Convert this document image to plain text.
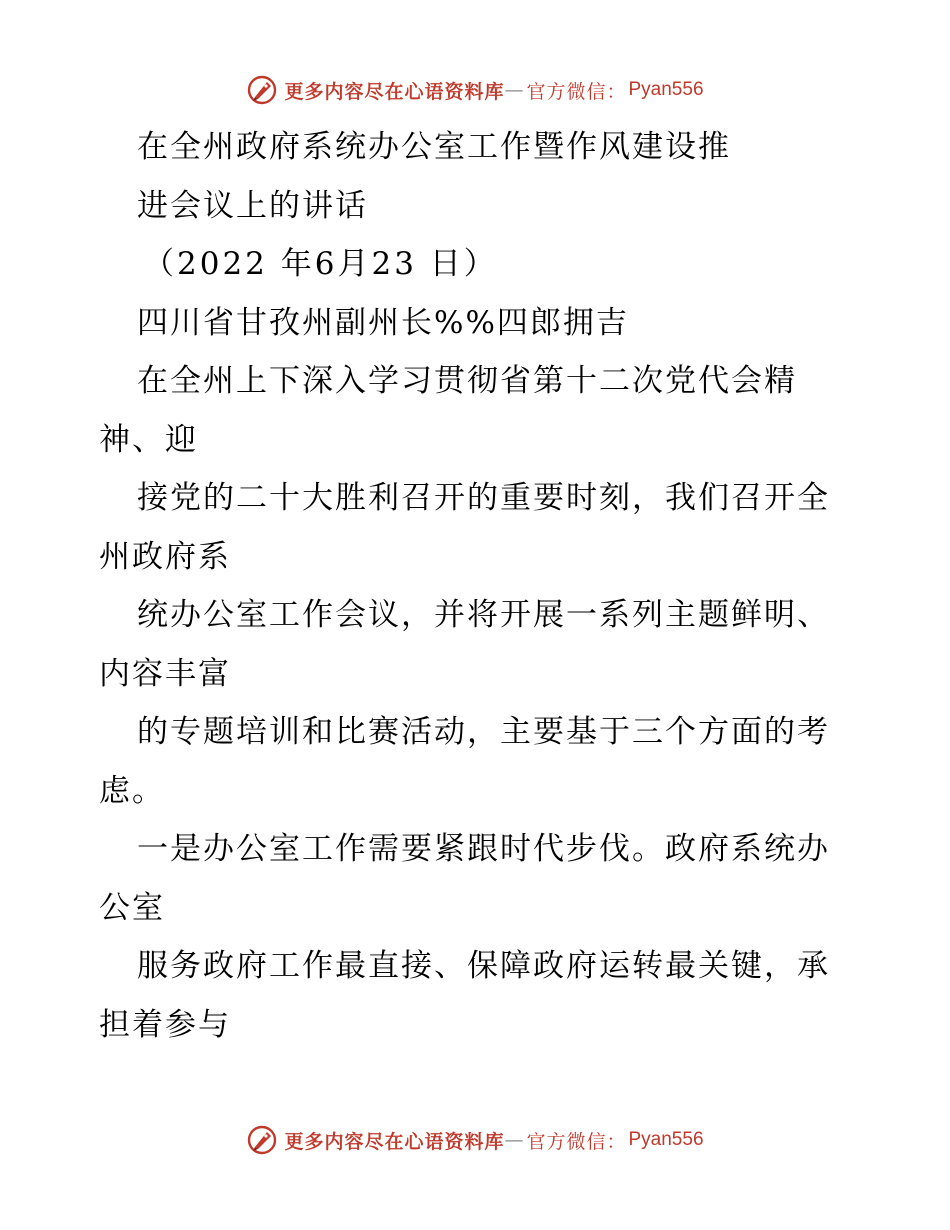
更多内容尽在心语资料库 — 官方微信： Pyan556
在全州政府系统办公室工作暨作风建设推
进会议上的讲话
（2022 年6月23 日）
四川省甘孜州副州长%%四郎拥吉
在全州上下深入学习贯彻省第十二次党代会精
神、迎
接党的二十大胜利召开的重要时刻，我们召开全
州政府系
统办公室工作会议，并将开展一系列主题鲜明、
内容丰富
的专题培训和比赛活动，主要基于三个方面的考
虑。
一是办公室工作需要紧跟时代步伐。政府系统办
公室
服务政府工作最直接、保障政府运转最关键，承
担着参与
更多内容尽在心语资料库 — 官方微信： Pyan556
